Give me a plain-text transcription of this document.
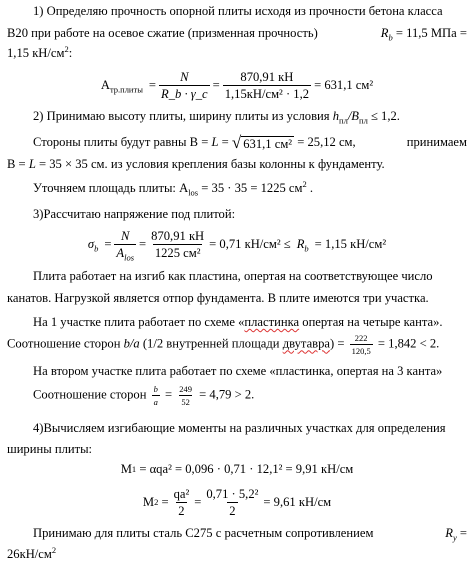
1) Определяю прочность опорной плиты исходя из прочности бетона класса
В20 при работе на осевое сжатие (призменная прочность)	$R_b = 11,5$ МПа =
1,15 $кН/см^2$:
$A_{тр.плиты} = \frac{N}{R\_b \cdot \gamma\_c} = \frac{870,91 кН}{\text{1,15кН/см² · 1,2}} = 631,1$ см²
2) Принимаю высоту плиты, ширину плиты из условия $h_{пл}/B_{пл} \le 1,2$.
Стороны плиты будут равны B = L = √ 631,1 см² = 25,12 см,	принимаем
B = L = 35 × 35 см. из условия крепления базы колонны к фундаменту.
Уточняем площадь плиты: $A_{los} = 35 \cdot 35 = 1225$ $см^2$ .
3)Рассчитаю напряжение под плитой:
$\sigma_b = \frac{N}{A_{los}} = \frac{870,91 кН}{\text{1225 см²}} = 0,71$ $кН/см^2 \le R_b = 1,15$ кН/см²
Плита работает на изгиб как пластина, опертая на соответствующее число
канатов. Нагрузкой является отпор фундамента. В плите имеются три участка.
На 1 участке плита работает по схеме «пластинка опертая на четыре канта».
Соотношение сторон b/a (1/2 внутренней площади двутавра) = $\frac{222}{120,5} = 1,842 < 2$.
На втором участке плита работает по схеме «пластинка, опертая на 3 канта»
Соотношение сторон $\frac{b}{a} = \frac{249}{52} = 4,79 > 2$.
4)Вычисляем изгибающие моменты на различных участках для определения
ширины плиты:
M 1
= αqa² = 0,096 · 0,71 · 12,1² = 9,91 кН/см
M 2
= $\frac{\text{qa²}}{2} = \frac{\text{0,71 · 5,2²}}{2} = 9,61$ кН/см
Принимаю для плиты сталь С275 с расчетным сопротивлением	$R_y$ =
$26кН/см^2$
